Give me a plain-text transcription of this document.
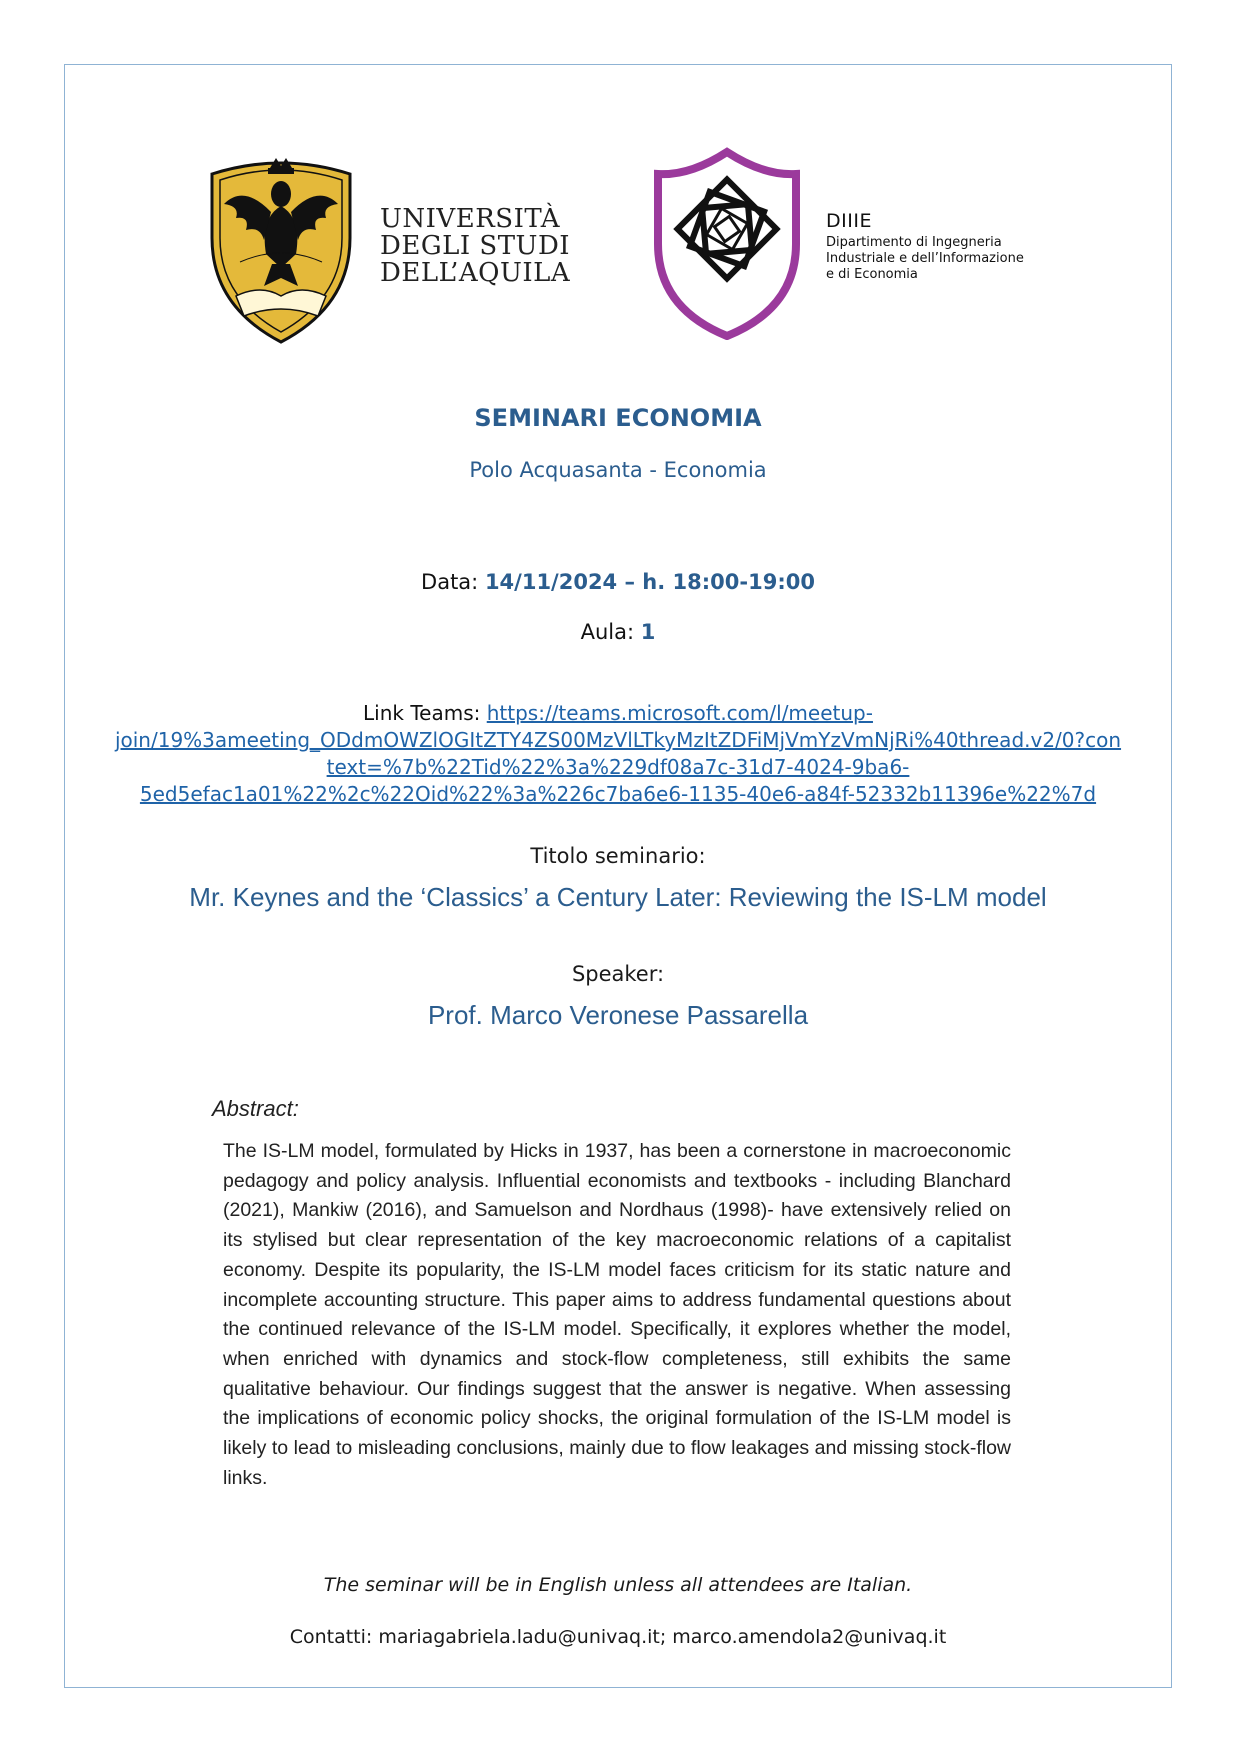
UNIVERSITÀ
DEGLI STUDI
DELL’AQUILA
DIIIE
Dipartimento di Ingegneria
Industriale e dell’Informazione
e di Economia
SEMINARI ECONOMIA
Polo Acquasanta - Economia
Data: 14/11/2024 – h. 18:00-19:00
Aula: 1
Link Teams: https://teams.microsoft.com/l/meetup-
join/19%3ameeting_ODdmOWZlOGItZTY4ZS00MzVlLTkyMzItZDFiMjVmYzVmNjRi%40thread.v2/0?con
text=%7b%22Tid%22%3a%229df08a7c-31d7-4024-9ba6-
5ed5efac1a01%22%2c%22Oid%22%3a%226c7ba6e6-1135-40e6-a84f-52332b11396e%22%7d
Titolo seminario:
Mr. Keynes and the ‘Classics’ a Century Later: Reviewing the IS-LM model
Speaker:
Prof. Marco Veronese Passarella
Abstract:
The IS-LM model, formulated by Hicks in 1937, has been a cornerstone in macroeconomic pedagogy and policy analysis. Influential economists and textbooks - including Blanchard (2021), Mankiw (2016), and Samuelson and Nordhaus (1998)- have extensively relied on its stylised but clear representation of the key macroeconomic relations of a capitalist economy. Despite its popularity, the IS-LM model faces criticism for its static nature and incomplete accounting structure. This paper aims to address fundamental questions about the continued relevance of the IS-LM model. Specifically, it explores whether the model, when enriched with dynamics and stock-flow completeness, still exhibits the same qualitative behaviour. Our findings suggest that the answer is negative. When assessing the implications of economic policy shocks, the original formulation of the IS-LM model is likely to lead to misleading conclusions, mainly due to flow leakages and missing stock-flow links.
The seminar will be in English unless all attendees are Italian.
Contatti: mariagabriela.ladu@univaq.it; marco.amendola2@univaq.it
